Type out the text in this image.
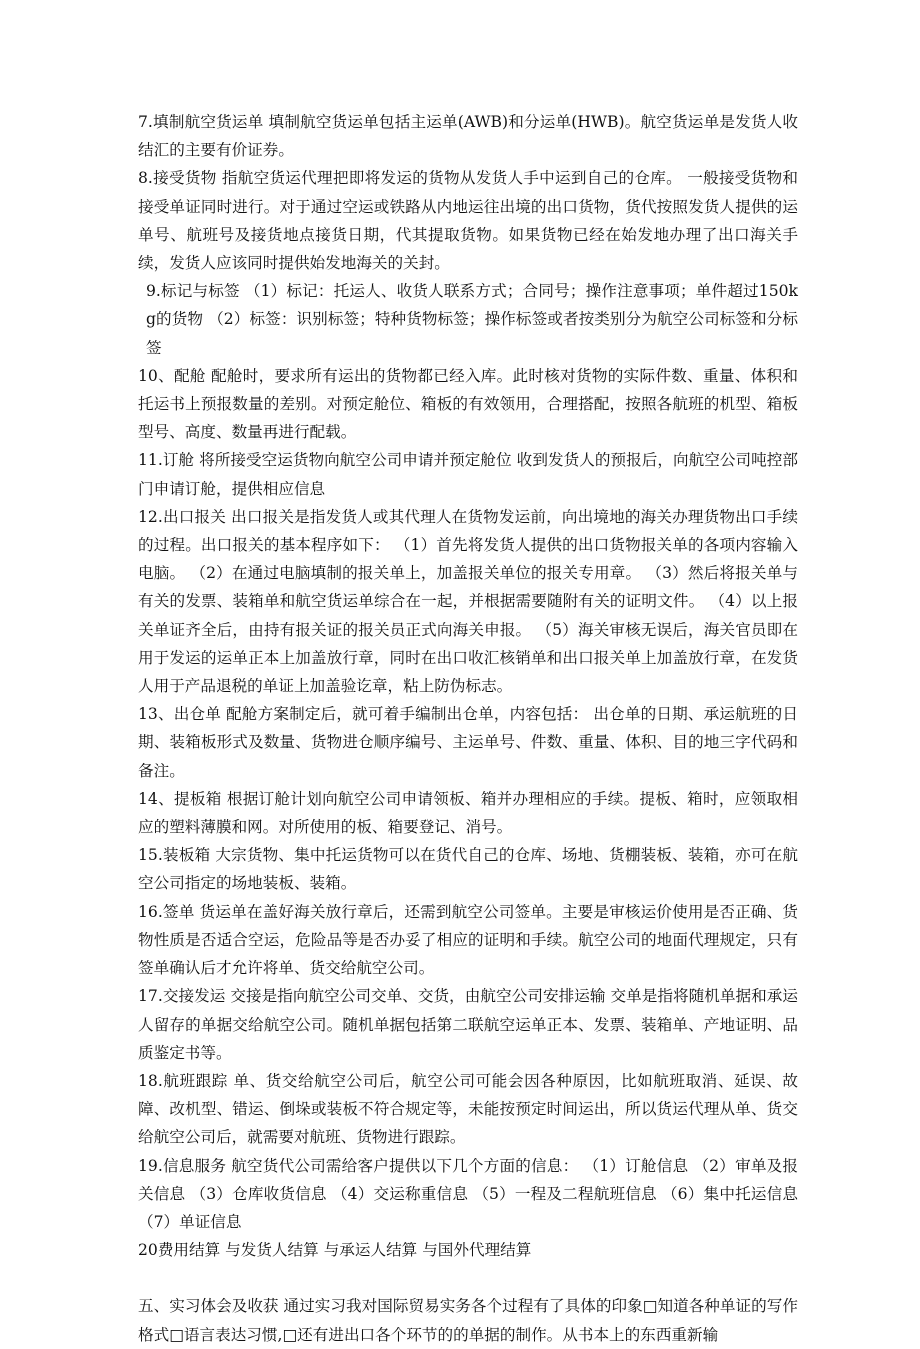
7.填制航空货运单 填制航空货运单包括主运单(AWB)和分运单(HWB)。航空货运单是发货人收结汇的主要有价证券。

8.接受货物 指航空货运代理把即将发运的货物从发货人手中运到自己的仓库。 一般接受货物和接受单证同时进行。对于通过空运或铁路从内地运往出境的出口货物，货代按照发货人提供的运单号、航班号及接货地点接货日期，代其提取货物。如果货物已经在始发地办理了出口海关手续，发货人应该同时提供始发地海关的关封。

9.标记与标签 （1）标记：托运人、收货人联系方式；合同号；操作注意事项；单件超过150kg的货物 （2）标签：识别标签；特种货物标签；操作标签或者按类别分为航空公司标签和分标签

10、配舱 配舱时，要求所有运出的货物都已经入库。此时核对货物的实际件数、重量、体积和托运书上预报数量的差别。对预定舱位、箱板的有效领用，合理搭配，按照各航班的机型、箱板型号、高度、数量再进行配载。

11.订舱 将所接受空运货物向航空公司申请并预定舱位 收到发货人的预报后，向航空公司吨控部门申请订舱，提供相应信息

12.出口报关 出口报关是指发货人或其代理人在货物发运前，向出境地的海关办理货物出口手续的过程。出口报关的基本程序如下： （1）首先将发货人提供的出口货物报关单的各项内容输入电脑。 （2）在通过电脑填制的报关单上，加盖报关单位的报关专用章。 （3）然后将报关单与有关的发票、装箱单和航空货运单综合在一起，并根据需要随附有关的证明文件。 （4）以上报关单证齐全后，由持有报关证的报关员正式向海关申报。 （5）海关审核无误后，海关官员即在用于发运的运单正本上加盖放行章，同时在出口收汇核销单和出口报关单上加盖放行章，在发货人用于产品退税的单证上加盖验讫章，粘上防伪标志。

13、出仓单 配舱方案制定后，就可着手编制出仓单，内容包括： 出仓单的日期、承运航班的日期、装箱板形式及数量、货物进仓顺序编号、主运单号、件数、重量、体积、目的地三字代码和备注。

14、提板箱 根据订舱计划向航空公司申请领板、箱并办理相应的手续。提板、箱时，应领取相应的塑料薄膜和网。对所使用的板、箱要登记、消号。

15.装板箱 大宗货物、集中托运货物可以在货代自己的仓库、场地、货棚装板、装箱，亦可在航空公司指定的场地装板、装箱。

16.签单 货运单在盖好海关放行章后，还需到航空公司签单。主要是审核运价使用是否正确、货物性质是否适合空运，危险品等是否办妥了相应的证明和手续。航空公司的地面代理规定，只有签单确认后才允许将单、货交给航空公司。

17.交接发运 交接是指向航空公司交单、交货，由航空公司安排运输 交单是指将随机单据和承运人留存的单据交给航空公司。随机单据包括第二联航空运单正本、发票、装箱单、产地证明、品质鉴定书等。

18.航班跟踪 单、货交给航空公司后，航空公司可能会因各种原因，比如航班取消、延误、故障、改机型、错运、倒垛或装板不符合规定等，未能按预定时间运出，所以货运代理从单、货交给航空公司后，就需要对航班、货物进行跟踪。

19.信息服务 航空货代公司需给客户提供以下几个方面的信息： （1）订舱信息 （2）审单及报关信息 （3）仓库收货信息 （4）交运称重信息 （5）一程及二程航班信息 （6）集中托运信息 （7）单证信息

20费用结算 与发货人结算 与承运人结算 与国外代理结算

五、实习体会及收获 通过实习我对国际贸易实务各个过程有了具体的印象□知道各种单证的写作格式□语言表达习惯,□还有进出口各个环节的的单据的制作。从书本上的东西重新输
